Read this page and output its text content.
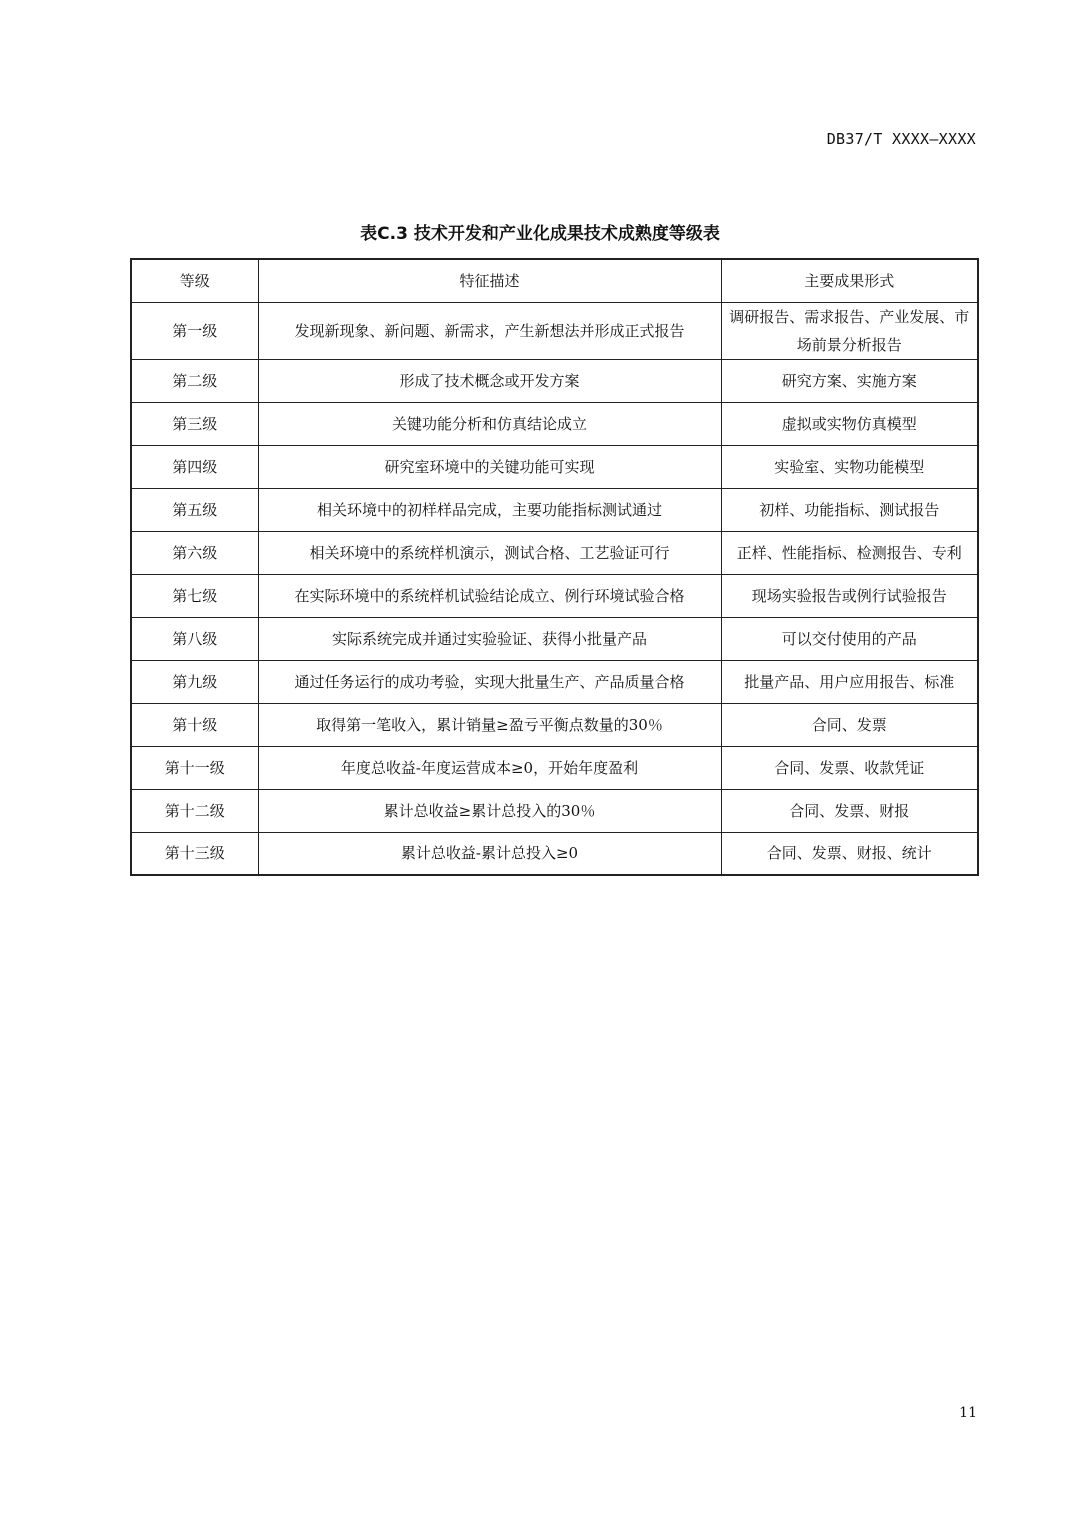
DB37/T XXXX—XXXX
表C.3 技术开发和产业化成果技术成熟度等级表
等级	特征描述	主要成果形式
第一级	发现新现象、新问题、新需求，产生新想法并形成正式报告	调研报告、需求报告、产业发展、市场前景分析报告
第二级	形成了技术概念或开发方案	研究方案、实施方案
第三级	关键功能分析和仿真结论成立	虚拟或实物仿真模型
第四级	研究室环境中的关键功能可实现	实验室、实物功能模型
第五级	相关环境中的初样样品完成，主要功能指标测试通过	初样、功能指标、测试报告
第六级	相关环境中的系统样机演示，测试合格、工艺验证可行	正样、性能指标、检测报告、专利
第七级	在实际环境中的系统样机试验结论成立、例行环境试验合格	现场实验报告或例行试验报告
第八级	实际系统完成并通过实验验证、获得小批量产品	可以交付使用的产品
第九级	通过任务运行的成功考验，实现大批量生产、产品质量合格	批量产品、用户应用报告、标准
第十级	取得第一笔收入，累计销量≥盈亏平衡点数量的30％	合同、发票
第十一级	年度总收益-年度运营成本≥0，开始年度盈利	合同、发票、收款凭证
第十二级	累计总收益≥累计总投入的30％	合同、发票、财报
第十三级	累计总收益-累计总投入≥0	合同、发票、财报、统计
11
